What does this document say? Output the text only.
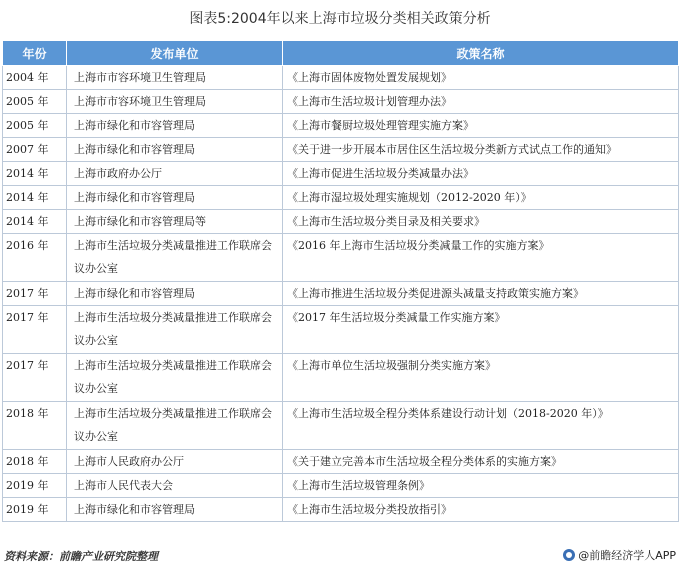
图表5:2004年以来上海市垃圾分类相关政策分析
年份	发布单位	政策名称
2004 年	上海市市容环境卫生管理局	《上海市固体废物处置发展规划》
2005 年	上海市市容环境卫生管理局	《上海市生活垃圾计划管理办法》
2005 年	上海市绿化和市容管理局	《上海市餐厨垃圾处理管理实施方案》
2007 年	上海市绿化和市容管理局	《关于进一步开展本市居住区生活垃圾分类新方式试点工作的通知》
2014 年	上海市政府办公厅	《上海市促进生活垃圾分类减量办法》
2014 年	上海市绿化和市容管理局	《上海市湿垃圾处理实施规划（2012-2020 年）》
2014 年	上海市绿化和市容管理局等	《上海市生活垃圾分类目录及相关要求》
2016 年	上海市生活垃圾分类减量推进工作联席会议办公室	《2016 年上海市生活垃圾分类减量工作的实施方案》
2017 年	上海市绿化和市容管理局	《上海市推进生活垃圾分类促进源头减量支持政策实施方案》
2017 年	上海市生活垃圾分类减量推进工作联席会议办公室	《2017 年生活垃圾分类减量工作实施方案》
2017 年	上海市生活垃圾分类减量推进工作联席会议办公室	《上海市单位生活垃圾强制分类实施方案》
2018 年	上海市生活垃圾分类减量推进工作联席会议办公室	《上海市生活垃圾全程分类体系建设行动计划（2018-2020 年）》
2018 年	上海市人民政府办公厅	《关于建立完善本市生活垃圾全程分类体系的实施方案》
2019 年	上海市人民代表大会	《上海市生活垃圾管理条例》
2019 年	上海市绿化和市容管理局	《上海市生活垃圾分类投放指引》
资料来源：前瞻产业研究院整理	@前瞻经济学人APP
